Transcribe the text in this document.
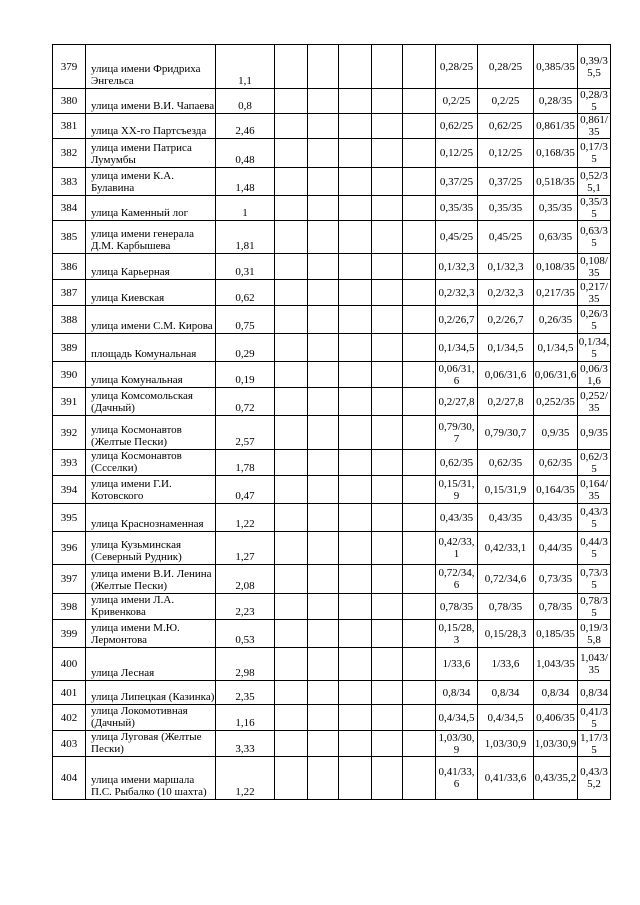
379	улица имени Фридриха Энгельса	1,1						0,28/25	0,28/25	0,385/35	0,39/35,5
380	улица имени В.И. Чапаева	0,8						0,2/25	0,2/25	0,28/35	0,28/35
381	улица XX-го Партсъезда	2,46						0,62/25	0,62/25	0,861/35	0,861/35
382	улица имени Патриса Лумумбы	0,48						0,12/25	0,12/25	0,168/35	0,17/35
383	улица имени К.А. Булавина	1,48						0,37/25	0,37/25	0,518/35	0,52/35,1
384	улица Каменный лог	1						0,35/35	0,35/35	0,35/35	0,35/35
385	улица имени генерала Д.М. Карбышева	1,81						0,45/25	0,45/25	0,63/35	0,63/35
386	улица Карьерная	0,31						0,1/32,3	0,1/32,3	0,108/35	0,108/35
387	улица Киевская	0,62						0,2/32,3	0,2/32,3	0,217/35	0,217/35
388	улица имени С.М. Кирова	0,75						0,2/26,7	0,2/26,7	0,26/35	0,26/35
389	площадь Комунальная	0,29						0,1/34,5	0,1/34,5	0,1/34,5	0,1/34,5
390	улица Комунальная	0,19						0,06/31,6	0,06/31,6	0,06/31,6	0,06/31,6
391	улица Комсомольская (Дачный)	0,72						0,2/27,8	0,2/27,8	0,252/35	0,252/35
392	улица Космонавтов (Желтые Пески)	2,57						0,79/30,7	0,79/30,7	0,9/35	0,9/35
393	улица Космонавтов (Ссселки)	1,78						0,62/35	0,62/35	0,62/35	0,62/35
394	улица имени Г.И. Котовского	0,47						0,15/31,9	0,15/31,9	0,164/35	0,164/35
395	улица Краснознаменная	1,22						0,43/35	0,43/35	0,43/35	0,43/35
396	улица Кузьминская (Северный Рудник)	1,27						0,42/33,1	0,42/33,1	0,44/35	0,44/35
397	улица имени В.И. Ленина (Желтые Пески)	2,08						0,72/34,6	0,72/34,6	0,73/35	0,73/35
398	улица имени Л.А. Кривенкова	2,23						0,78/35	0,78/35	0,78/35	0,78/35
399	улица имени М.Ю. Лермонтова	0,53						0,15/28,3	0,15/28,3	0,185/35	0,19/35,8
400	улица Лесная	2,98						1/33,6	1/33,6	1,043/35	1,043/35
401	улица Липецкая (Казинка)	2,35						0,8/34	0,8/34	0,8/34	0,8/34
402	улица Локомотивная (Дачный)	1,16						0,4/34,5	0,4/34,5	0,406/35	0,41/35
403	улица Луговая (Желтые Пески)	3,33						1,03/30,9	1,03/30,9	1,03/30,9	1,17/35
404	улица имени маршала П.С. Рыбалко (10 шахта)	1,22						0,41/33,6	0,41/33,6	0,43/35,2	0,43/35,2
